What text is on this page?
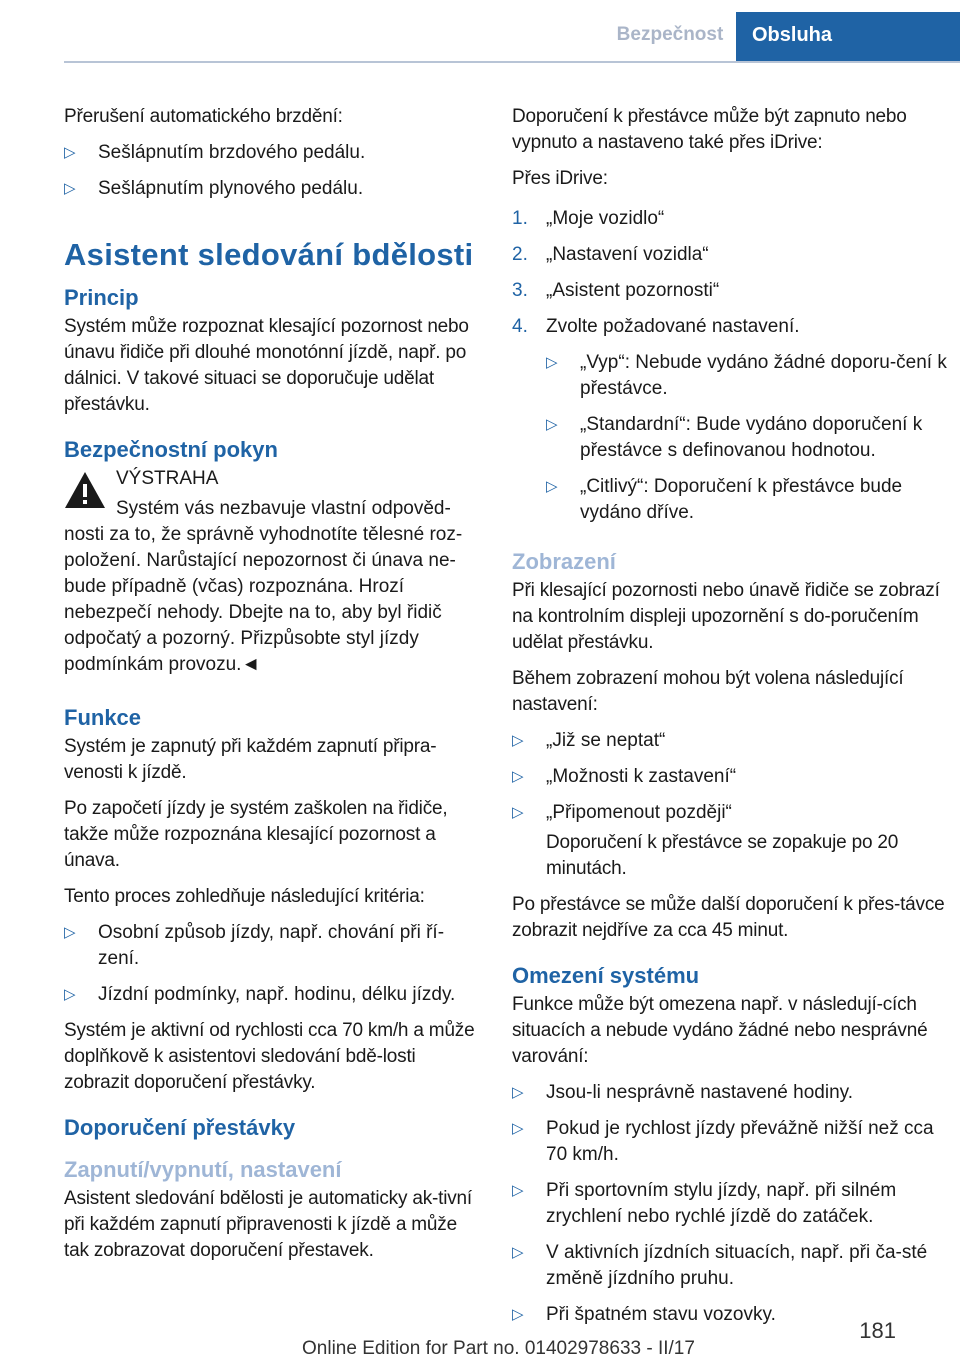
Bezpečnost	Obsluha

Přerušení automatického brzdění:

▷ Sešlápnutím brzdového pedálu.
▷ Sešlápnutím plynového pedálu.
Asistent sledování bdělosti
Princip

Systém může rozpoznat klesající pozornost nebo únavu řidiče při dlouhé monotónní jízdě, např. po dálnici. V takové situaci se doporučuje udělat přestávku.

Bezpečnostní pokyn
VÝSTRAHA
Systém vás nezbavuje vlastní odpověd-nosti za to, že správně vyhodnotíte tělesné roz-položení. Narůstající nepozornost či únava ne-bude případně (včas) rozpoznána. Hrozí nebezpečí nehody. Dbejte na to, aby byl řidič odpočatý a pozorný. Přizpůsobte styl jízdy podmínkám provozu.◄
Funkce

Systém je zapnutý při každém zapnutí připra-venosti k jízdě.

Po započetí jízdy je systém zaškolen na řidiče, takže může rozpoznána klesající pozornost a únava.

Tento proces zohledňuje následující kritéria:

▷ Osobní způsob jízdy, např. chování při ří-zení.
▷ Jízdní podmínky, např. hodinu, délku jízdy.

Systém je aktivní od rychlosti cca 70 km/h a může doplňkově k asistentovi sledování bdě-losti zobrazit doporučení přestávky.

Doporučení přestávky
Zapnutí/vypnutí, nastavení

Asistent sledování bdělosti je automaticky ak-tivní při každém zapnutí připravenosti k jízdě a může tak zobrazovat doporučení přestavek.

Doporučení k přestávce může být zapnuto nebo vypnuto a nastaveno také přes iDrive:

Přes iDrive:

1. „Moje vozidlo“
2. „Nastavení vozidla“
3. „Asistent pozornosti“
4. Zvolte požadované nastavení.
▷ „Vyp“: Nebude vydáno žádné doporu-čení k přestávce.
▷ „Standardní“: Bude vydáno doporučení k přestávce s definovanou hodnotou.
▷ „Citlivý“: Doporučení k přestávce bude vydáno dříve.
Zobrazení

Při klesající pozornosti nebo únavě řidiče se zobrazí na kontrolním displeji upozornění s do-poručením udělat přestávku.

Během zobrazení mohou být volena následující nastavení:

▷ „Již se neptat“
▷ „Možnosti k zastavení“
▷ „Připomenout později“

Doporučení k přestávce se zopakuje po 20 minutách.

Po přestávce se může další doporučení k přes-távce zobrazit nejdříve za cca 45 minut.

Omezení systému

Funkce může být omezena např. v následují-cích situacích a nebude vydáno žádné nebo nesprávné varování:

▷ Jsou-li nesprávně nastavené hodiny.
▷ Pokud je rychlost jízdy převážně nižší než cca 70 km/h.
▷ Při sportovním stylu jízdy, např. při silném zrychlení nebo rychlé jízdě do zatáček.
▷ V aktivních jízdních situacích, např. při ča-sté změně jízdního pruhu.
▷ Při špatném stavu vozovky.
181
Online Edition for Part no. 01402978633 - II/17
